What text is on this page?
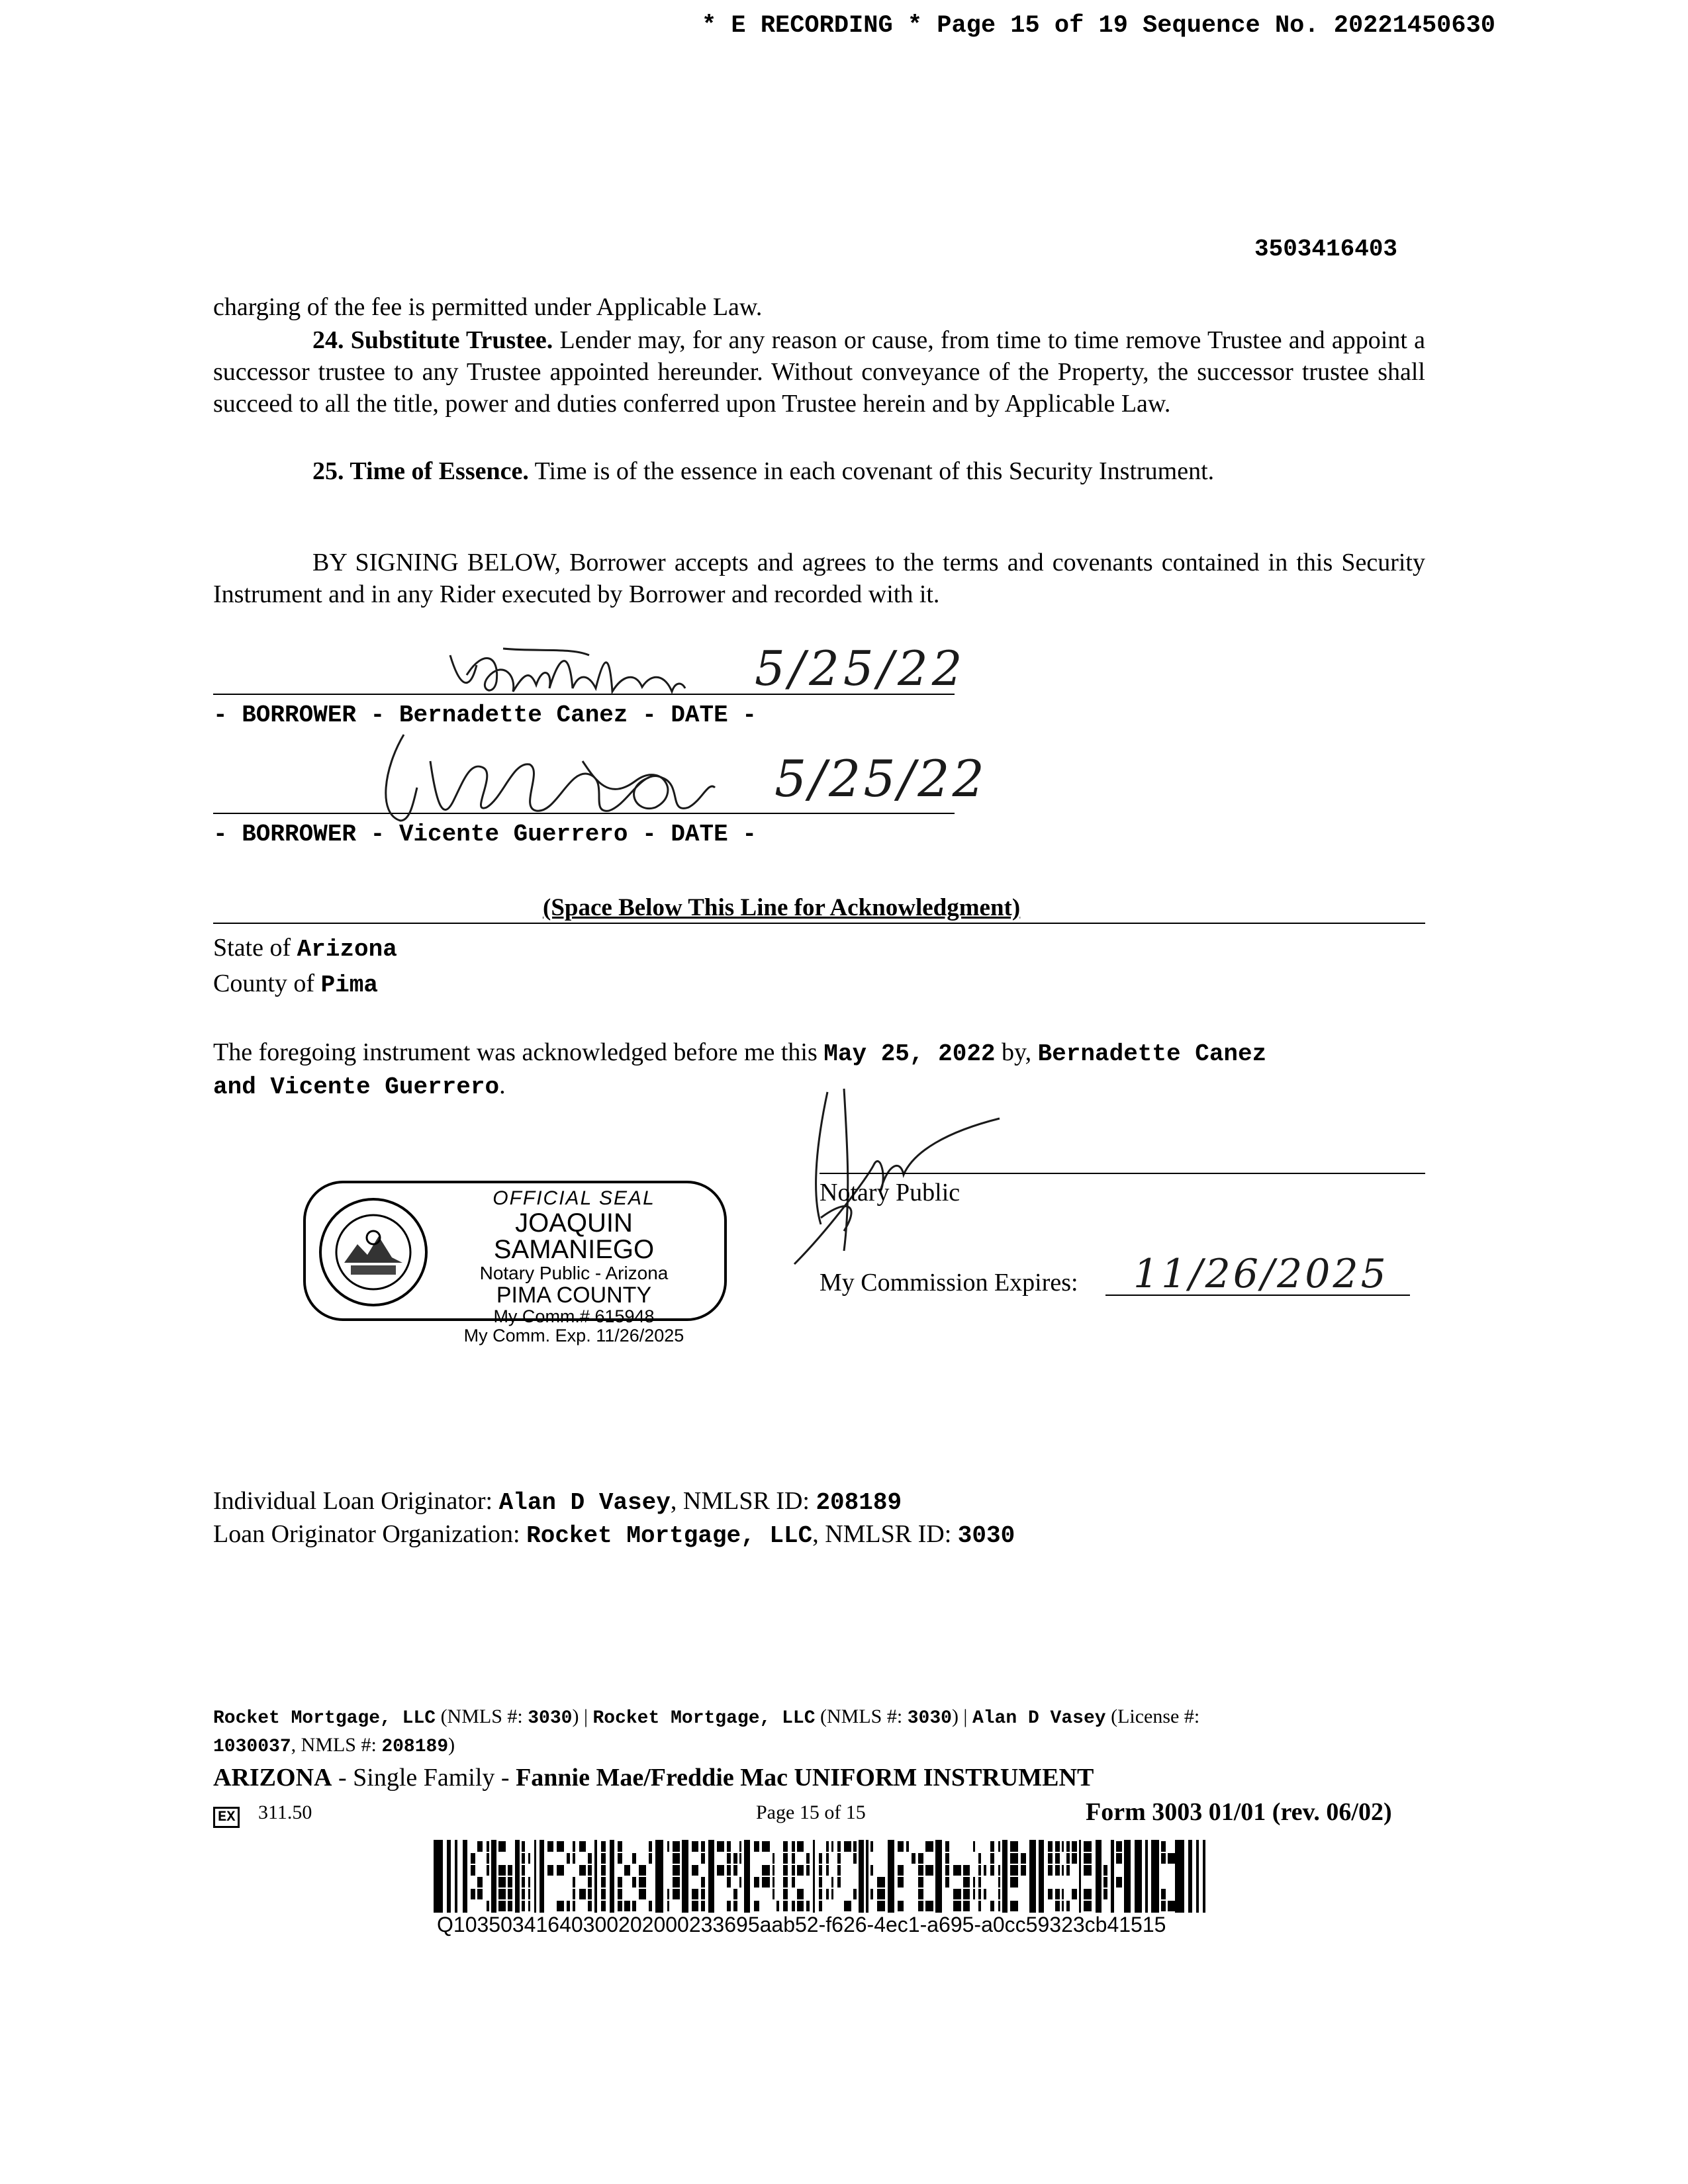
* E RECORDING * Page 15 of 19 Sequence No. 20221450630
3503416403
charging of the fee is permitted under Applicable Law.
24. Substitute Trustee. Lender may, for any reason or cause, from time to time remove Trustee and appoint a successor trustee to any Trustee appointed hereunder. Without conveyance of the Property, the successor trustee shall succeed to all the title, power and duties conferred upon Trustee herein and by Applicable Law.
25. Time of Essence. Time is of the essence in each covenant of this Security Instrument.
BY SIGNING BELOW, Borrower accepts and agrees to the terms and covenants contained in this Security Instrument and in any Rider executed by Borrower and recorded with it.
5/25/22
- BORROWER - Bernadette Canez - DATE -
5/25/22
- BORROWER - Vicente Guerrero - DATE -
(Space Below This Line for Acknowledgment)
State of Arizona
County of Pima
The foregoing instrument was acknowledged before me this May 25, 2022 by, Bernadette Canez
and Vicente Guerrero.
OFFICIAL SEAL
JOAQUIN SAMANIEGO
Notary Public - Arizona
PIMA COUNTY
My Comm.# 615948
My Comm. Exp. 11/26/2025
Notary Public
My Commission Expires: 11/26/2025
Individual Loan Originator: Alan D Vasey, NMLSR ID: 208189
Loan Originator Organization: Rocket Mortgage, LLC, NMLSR ID: 3030
Rocket Mortgage, LLC (NMLS #: 3030) | Rocket Mortgage, LLC (NMLS #: 3030) | Alan D Vasey (License #:
1030037, NMLS #: 208189)
ARIZONA - Single Family - Fannie Mae/Freddie Mac UNIFORM INSTRUMENT
EX 311.50	Page 15 of 15	Form 3003 01/01 (rev. 06/02)
Q10350341640300202000233695aab52-f626-4ec1-a695-a0cc59323cb41515
